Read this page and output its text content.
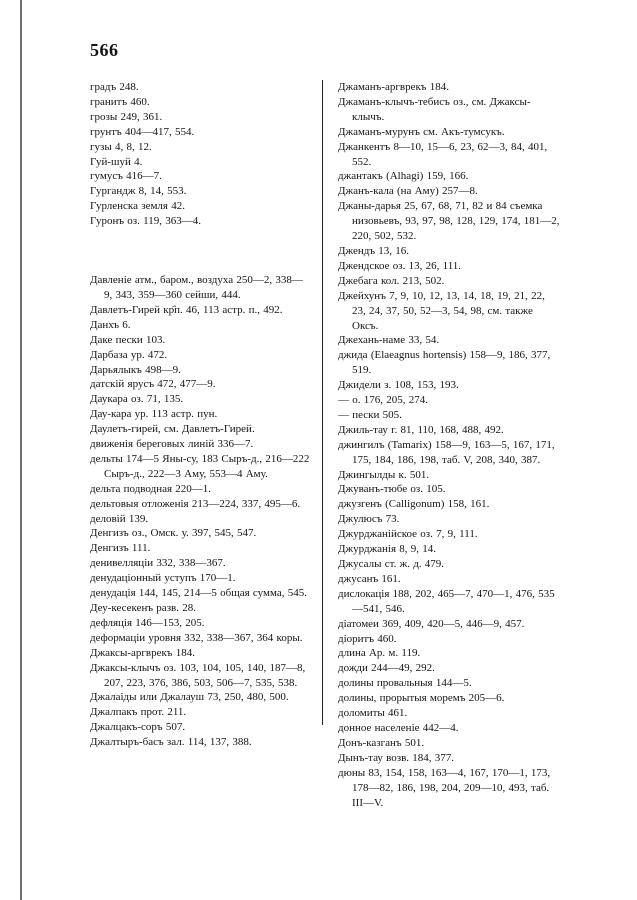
566
градъ 248.
гранитъ 460.
грозы 249, 361.
грунтъ 404—417, 554.
гузы 4, 8, 12.
Гуй-шуй 4.
гумусъ 416—7.
Гургандж 8, 14, 553.
Гурленска земля 42.
Гуронъ оз. 119, 363—4.
Давленіе атм., баром., воздуха 250—2, 338—9, 343, 359—360 сейши, 444.
Давлетъ-Гирей кр҄п. 46, 113 астр. п., 492.
Данхъ 6.
Даке пески 103.
Дарбаза ур. 472.
Дарьялыкъ 498—9.
датскій ярусъ 472, 477—9.
Даукара оз. 71, 135.
Дау-кара ур. 113 астр. пун.
Даулетъ-гирей, см. Давлетъ-Гирей.
движенія береговых линій 336—7.
дельты 174—5 Яны-су, 183 Сыръ-д., 216—222 Сыръ-д., 222—3 Аму, 553—4 Аму.
дельта подводная 220—1.
дельтовыя отложенія 213—224, 337, 495—6.
деловій 139.
Денгизъ оз., Омск. у. 397, 545, 547.
Денгизъ 111.
денивелляціи 332, 338—367.
денудаціонный уступъ 170—1.
денудація 144, 145, 214—5 общая сумма, 545.
Деу-кесекенъ разв. 28.
дефляція 146—153, 205.
деформаціи уровня 332, 338—367, 364 коры.
Джаксы-аргврекъ 184.
Джаксы-клычъ оз. 103, 104, 105, 140, 187—8, 207, 223, 376, 386, 503, 506—7, 535, 538.
Джалаіды или Джалауш 73, 250, 480, 500.
Джалпакъ прот. 211.
Джалцакъ-соръ 507.
Джалтыръ-басъ зал. 114, 137, 388.
Джаманъ-аргврекъ 184.
Джаманъ-клычъ-тебисъ оз., см. Джаксы-клычъ.
Джаманъ-мурунъ см. Акъ-тумсукъ.
Джанкентъ 8—10, 15—6, 23, 62—3, 84, 401, 552.
джантакъ (Alhagi) 159, 166.
Джанъ-кала (на Аму) 257—8.
Джаны-дарья 25, 67, 68, 71, 82 и 84 съемка низовьевъ, 93, 97, 98, 128, 129, 174, 181—2, 220, 502, 532.
Джендъ 13, 16.
Джендское оз. 13, 26, 111.
Джебага кол. 213, 502.
Джейхунъ 7, 9, 10, 12, 13, 14, 18, 19, 21, 22, 23, 24, 37, 50, 52—3, 54, 98, см. также Оксъ.
Джехань-наме 33, 54.
джида (Elaeagnus hortensis) 158—9, 186, 377, 519.
Джидели з. 108, 153, 193.
— о. 176, 205, 274.
— пески 505.
Джиль-тау г. 81, 110, 168, 488, 492.
джингилъ (Tamarix) 158—9, 163—5, 167, 171, 175, 184, 186, 198, таб. V, 208, 340, 387.
Джингылды к. 501.
Джуванъ-тюбе оз. 105.
джузгенъ (Calligonum) 158, 161.
Джулюсъ 73.
Джурджанійское оз. 7, 9, 111.
Джурджанія 8, 9, 14.
Джусалы ст. ж. д. 479.
джусанъ 161.
дислокація 188, 202, 465—7, 470—1, 476, 535—541, 546.
діатомеи 369, 409, 420—5, 446—9, 457.
діоритъ 460.
длина Ар. м. 119.
дожди 244—49, 292.
долины провальныя 144—5.
долины, прорытыя моремъ 205—6.
доломиты 461.
донное населеніе 442—4.
Донъ-казганъ 501.
Дынъ-тау возв. 184, 377.
дюны 83, 154, 158, 163—4, 167, 170—1, 173, 178—82, 186, 198, 204, 209—10, 493, таб. III—V.
